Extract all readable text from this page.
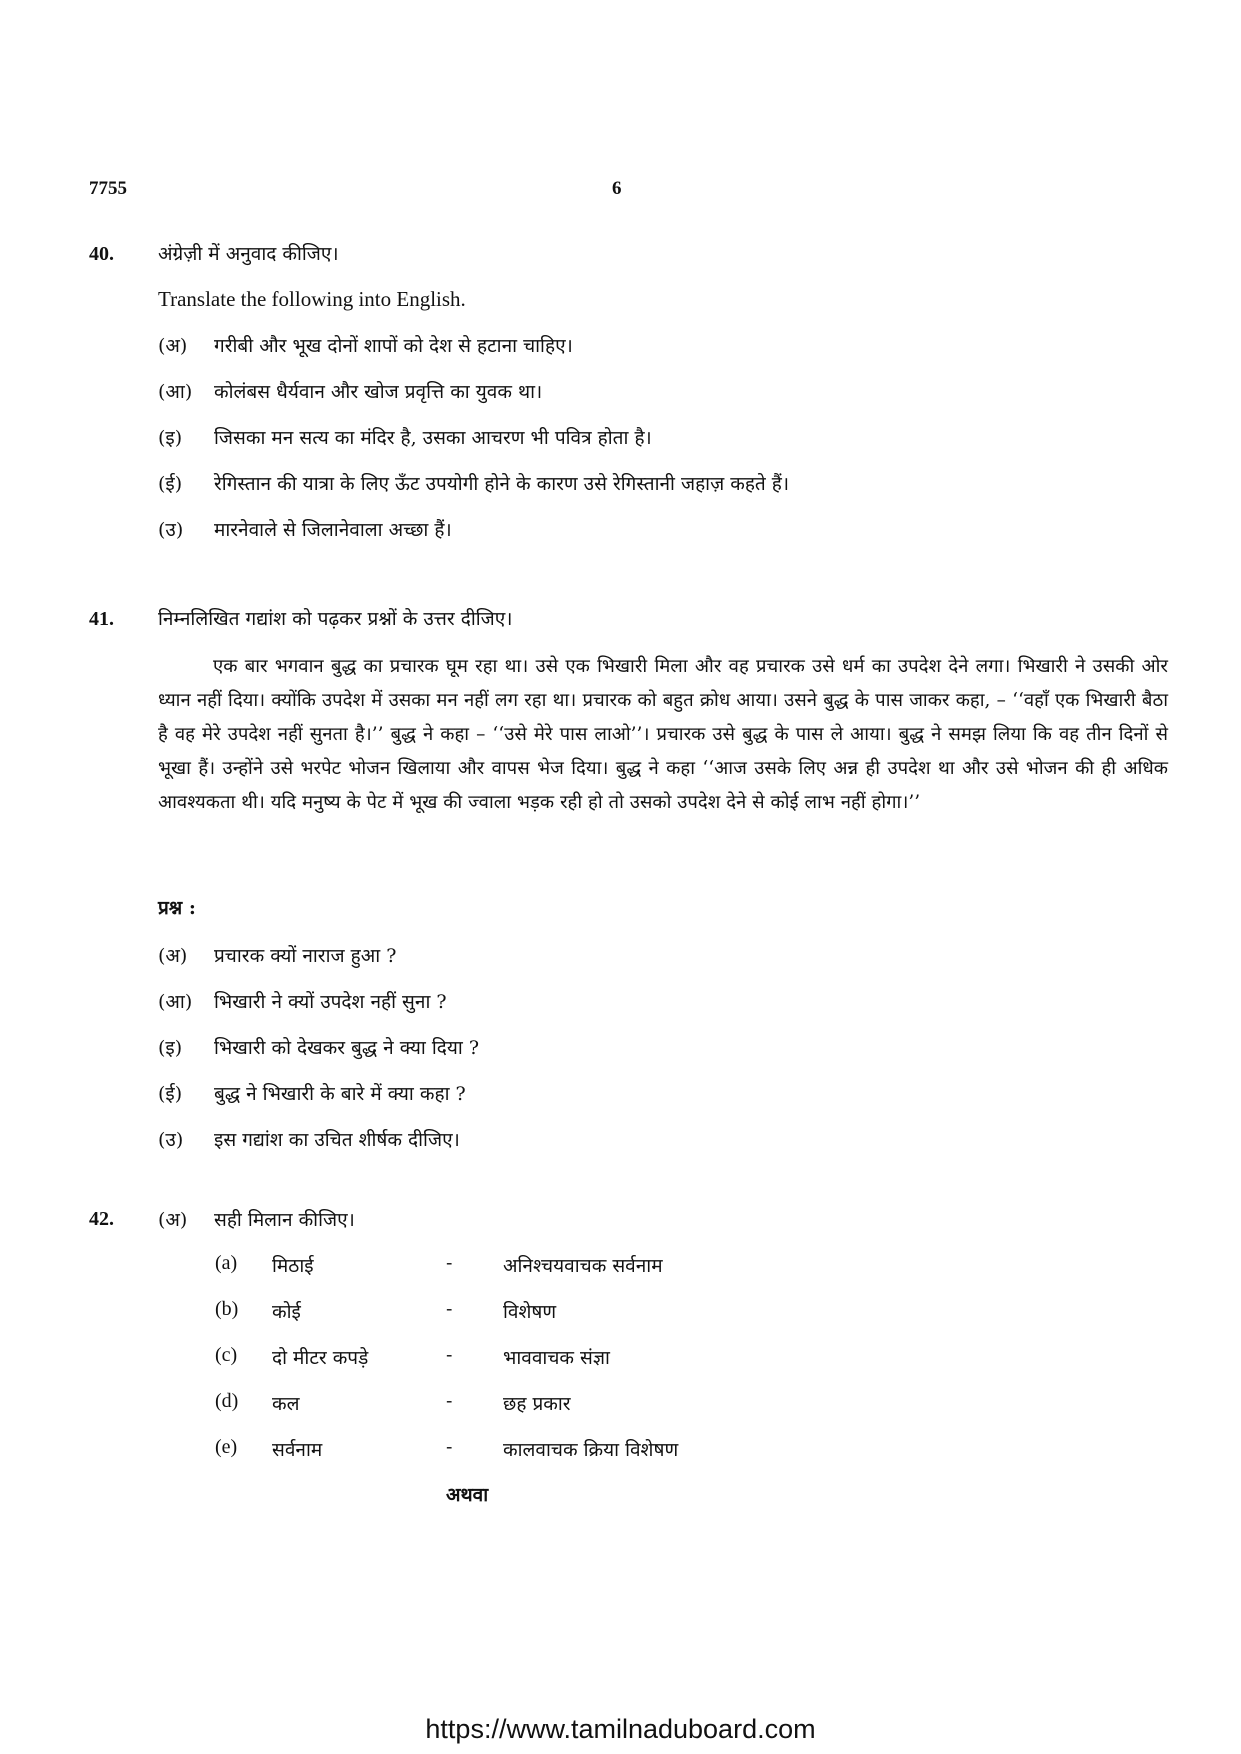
7755	6
40. अंग्रेज़ी में अनुवाद कीजिए।
Translate the following into English.
(अ) गरीबी और भूख दोनों शापों को देश से हटाना चाहिए।
(आ) कोलंबस धैर्यवान और खोज प्रवृत्ति का युवक था।
(इ) जिसका मन सत्य का मंदिर है, उसका आचरण भी पवित्र होता है।
(ई) रेगिस्तान की यात्रा के लिए ऊँट उपयोगी होने के कारण उसे रेगिस्तानी जहाज़ कहते हैं।
(उ) मारनेवाले से जिलानेवाला अच्छा हैं।
41. निम्नलिखित गद्यांश को पढ़कर प्रश्नों के उत्तर दीजिए।
एक बार भगवान बुद्ध का प्रचारक घूम रहा था। उसे एक भिखारी मिला और वह प्रचारक उसे धर्म का उपदेश देने लगा। भिखारी ने उसकी ओर ध्यान नहीं दिया। क्योंकि उपदेश में उसका मन नहीं लग रहा था। प्रचारक को बहुत क्रोध आया। उसने बुद्ध के पास जाकर कहा, – ‘‘वहाँ एक भिखारी बैठा है वह मेरे उपदेश नहीं सुनता है।’’ बुद्ध ने कहा – ‘‘उसे मेरे पास लाओ’’। प्रचारक उसे बुद्ध के पास ले आया। बुद्ध ने समझ लिया कि वह तीन दिनों से भूखा हैं। उन्होंने उसे भरपेट भोजन खिलाया और वापस भेज दिया। बुद्ध ने कहा ‘‘आज उसके लिए अन्न ही उपदेश था और उसे भोजन की ही अधिक आवश्यकता थी। यदि मनुष्य के पेट में भूख की ज्वाला भड़क रही हो तो उसको उपदेश देने से कोई लाभ नहीं होगा।’’
प्रश्न :
(अ) प्रचारक क्यों नाराज हुआ ?
(आ) भिखारी ने क्यों उपदेश नहीं सुना ?
(इ) भिखारी को देखकर बुद्ध ने क्या दिया ?
(ई) बुद्ध ने भिखारी के बारे में क्या कहा ?
(उ) इस गद्यांश का उचित शीर्षक दीजिए।
42. (अ) सही मिलान कीजिए।
(a) मिठाई	-	अनिश्चयवाचक सर्वनाम
(b) कोई	-	विशेषण
(c) दो मीटर कपड़े	-	भाववाचक संज्ञा
(d) कल	-	छह प्रकार
(e) सर्वनाम	-	कालवाचक क्रिया विशेषण
अथवा
https://www.tamilnaduboard.com
